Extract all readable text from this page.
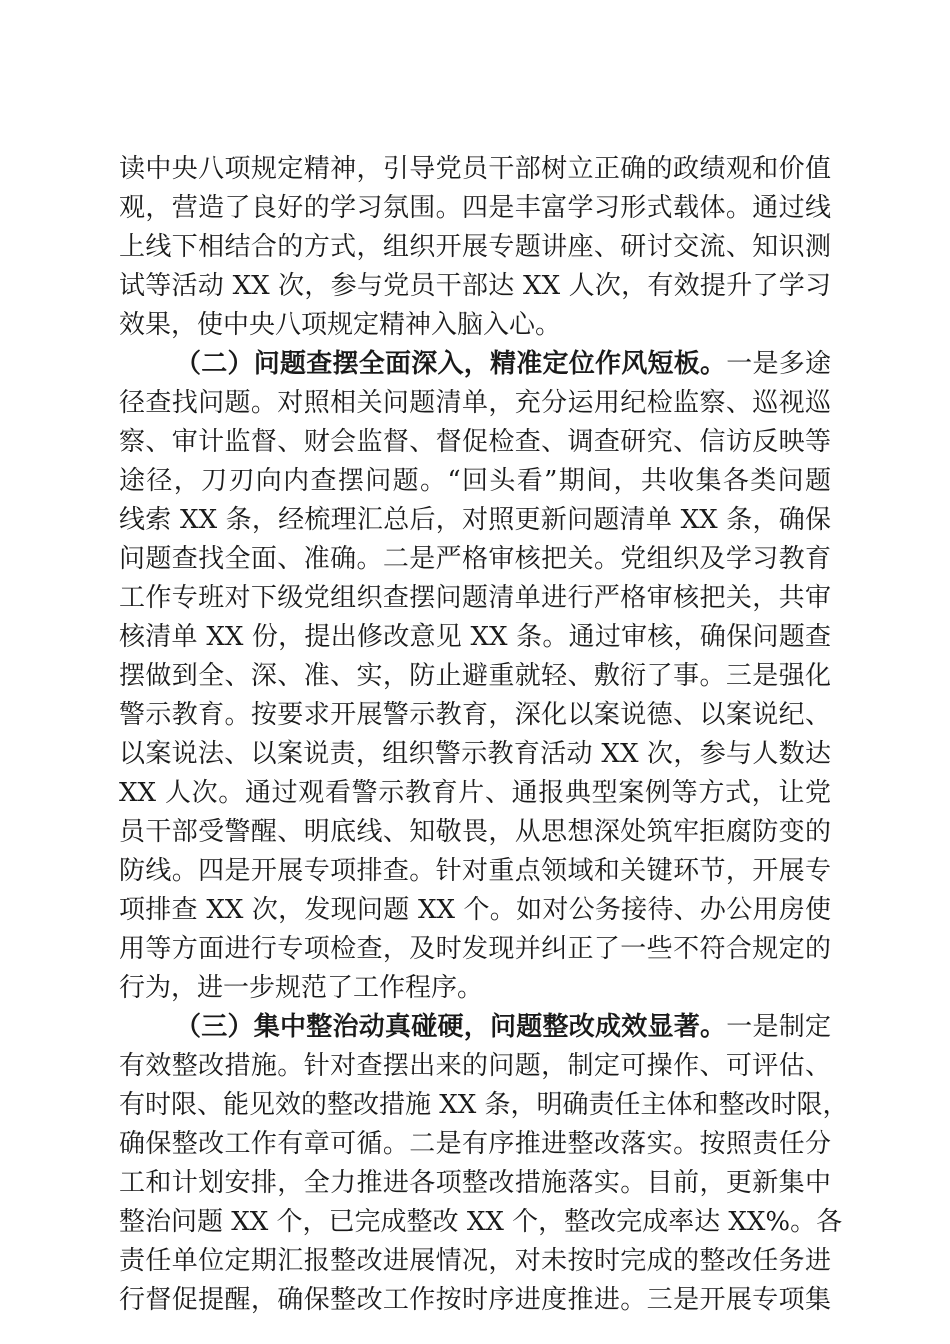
读中央八项规定精神，引导党员干部树立正确的政绩观和价值
观，营造了良好的学习氛围。四是丰富学习形式载体。通过线
上线下相结合的方式，组织开展专题讲座、研讨交流、知识测
试等活动 XX 次，参与党员干部达 XX 人次，有效提升了学习
效果，使中央八项规定精神入脑入心。
（二）问题查摆全面深入，精准定位作风短板。一是多途
径查找问题。对照相关问题清单，充分运用纪检监察、巡视巡
察、审计监督、财会监督、督促检查、调查研究、信访反映等
途径，刀刃向内查摆问题。“回头看”期间，共收集各类问题
线索 XX 条，经梳理汇总后，对照更新问题清单 XX 条，确保
问题查找全面、准确。二是严格审核把关。党组织及学习教育
工作专班对下级党组织查摆问题清单进行严格审核把关，共审
核清单 XX 份，提出修改意见 XX 条。通过审核，确保问题查
摆做到全、深、准、实，防止避重就轻、敷衍了事。三是强化
警示教育。按要求开展警示教育，深化以案说德、以案说纪、
以案说法、以案说责，组织警示教育活动 XX 次，参与人数达
XX 人次。通过观看警示教育片、通报典型案例等方式，让党
员干部受警醒、明底线、知敬畏，从思想深处筑牢拒腐防变的
防线。四是开展专项排查。针对重点领域和关键环节，开展专
项排查 XX 次，发现问题 XX 个。如对公务接待、办公用房使
用等方面进行专项检查，及时发现并纠正了一些不符合规定的
行为，进一步规范了工作程序。
（三）集中整治动真碰硬，问题整改成效显著。一是制定
有效整改措施。针对查摆出来的问题，制定可操作、可评估、
有时限、能见效的整改措施 XX 条，明确责任主体和整改时限，
确保整改工作有章可循。二是有序推进整改落实。按照责任分
工和计划安排，全力推进各项整改措施落实。目前，更新集中
整治问题 XX 个，已完成整改 XX 个，整改完成率达 XX%。各
责任单位定期汇报整改进展情况，对未按时完成的整改任务进
行督促提醒，确保整改工作按时序进度推进。三是开展专项集
